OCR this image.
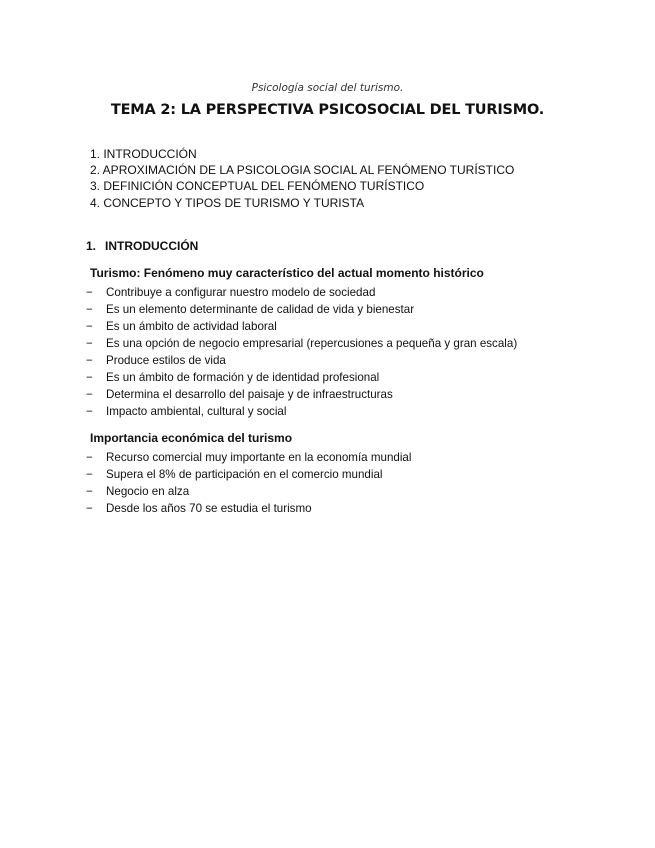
Psicología social del turismo.
TEMA 2: LA PERSPECTIVA PSICOSOCIAL DEL TURISMO.
1. INTRODUCCIÓN
2. APROXIMACIÓN DE LA PSICOLOGIA SOCIAL AL FENÓMENO TURÍSTICO
3. DEFINICIÓN CONCEPTUAL DEL FENÓMENO TURÍSTICO
4. CONCEPTO Y TIPOS DE TURISMO Y TURISTA
1. INTRODUCCIÓN
Turismo: Fenómeno muy característico del actual momento histórico
− Contribuye a configurar nuestro modelo de sociedad
− Es un elemento determinante de calidad de vida y bienestar
− Es un ámbito de actividad laboral
− Es una opción de negocio empresarial (repercusiones a pequeña y gran escala)
− Produce estilos de vida
− Es un ámbito de formación y de identidad profesional
− Determina el desarrollo del paisaje y de infraestructuras
− Impacto ambiental, cultural y social
Importancia económica del turismo
− Recurso comercial muy importante en la economía mundial
− Supera el 8% de participación en el comercio mundial
− Negocio en alza
− Desde los años 70 se estudia el turismo
